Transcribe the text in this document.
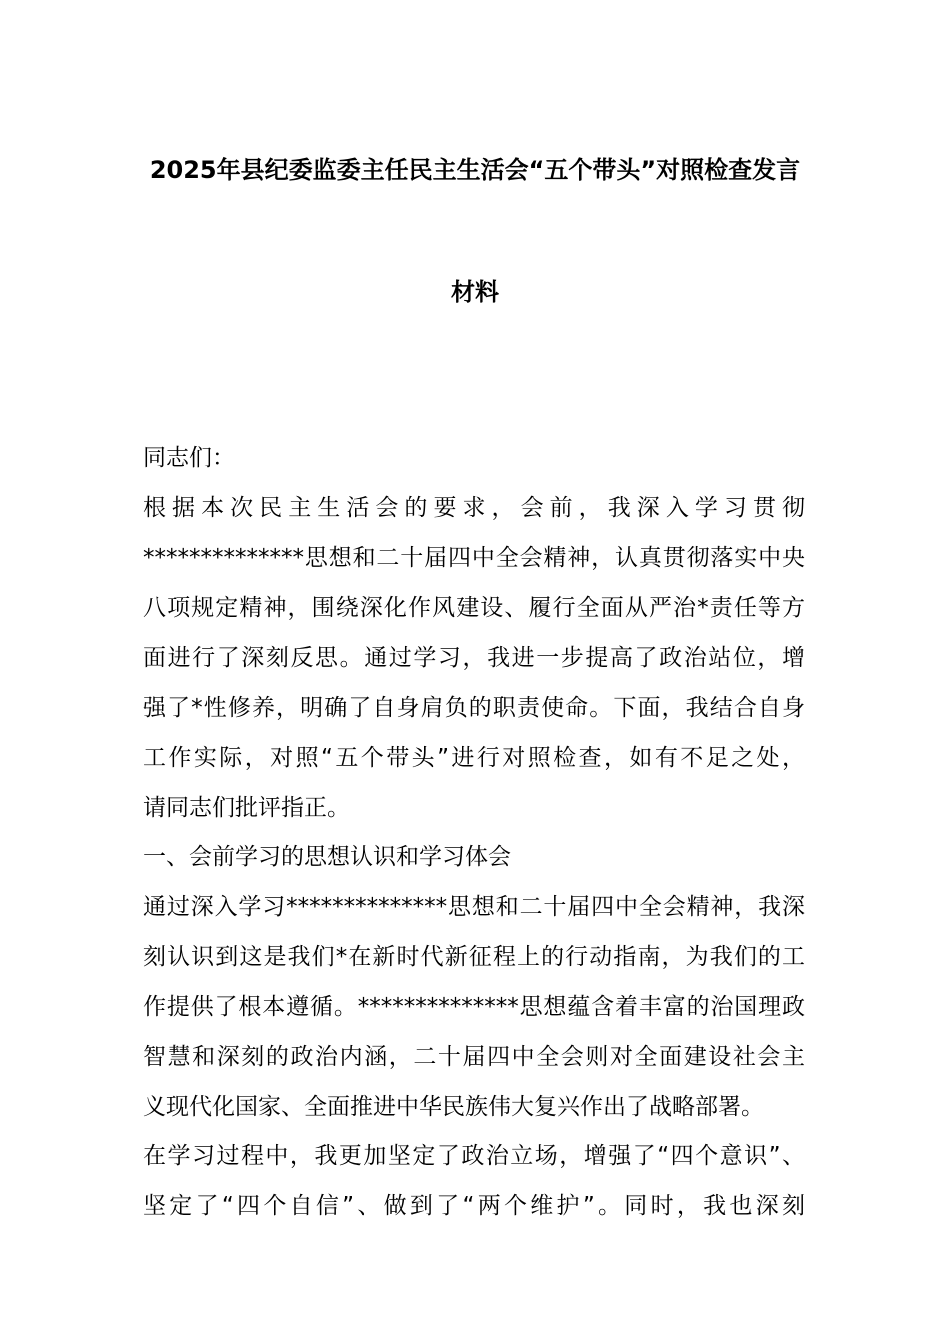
2025年县纪委监委主任民主生活会“五个带头”对照检查发言
材料
同志们：
根据本次民主生活会的要求，会前，我深入学习贯彻
**************思想和二十届四中全会精神，认真贯彻落实中央
八项规定精神，围绕深化作风建设、履行全面从严治*责任等方
面进行了深刻反思。通过学习，我进一步提高了政治站位，增
强了*性修养，明确了自身肩负的职责使命。下面，我结合自身
工作实际，对照“五个带头”进行对照检查，如有不足之处，
请同志们批评指正。
一、会前学习的思想认识和学习体会
通过深入学习**************思想和二十届四中全会精神，我深
刻认识到这是我们*在新时代新征程上的行动指南，为我们的工
作提供了根本遵循。**************思想蕴含着丰富的治国理政
智慧和深刻的政治内涵，二十届四中全会则对全面建设社会主
义现代化国家、全面推进中华民族伟大复兴作出了战略部署。
在学习过程中，我更加坚定了政治立场，增强了“四个意识”、
坚定了“四个自信”、做到了“两个维护”。同时，我也深刻
